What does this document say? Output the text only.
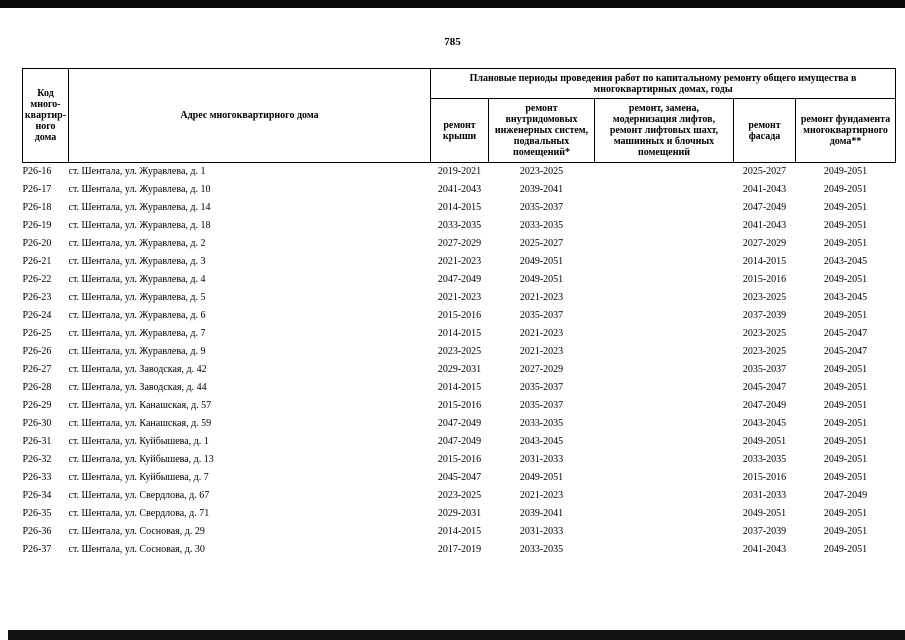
785
Код много-квартир-ного дома	Адрес многоквартирного дома	Плановые периоды проведения работ по капитальному ремонту общего имущества в многоквартирных домах, годы				
		ремонт крыши	ремонт внутридомовых инженерных систем, подвальных помещений*	ремонт, замена, модернизация лифтов, ремонт лифтовых шахт, машинных и блочных помещений	ремонт фасада	ремонт фундамента многоквартирного дома**
Р26-16	ст. Шентала, ул. Журавлева, д. 1	2019-2021	2023-2025		2025-2027	2049-2051
Р26-17	ст. Шентала, ул. Журавлева, д. 10	2041-2043	2039-2041		2041-2043	2049-2051
Р26-18	ст. Шентала, ул. Журавлева, д. 14	2014-2015	2035-2037		2047-2049	2049-2051
Р26-19	ст. Шентала, ул. Журавлева, д. 18	2033-2035	2033-2035		2041-2043	2049-2051
Р26-20	ст. Шентала, ул. Журавлева, д. 2	2027-2029	2025-2027		2027-2029	2049-2051
Р26-21	ст. Шентала, ул. Журавлева, д. 3	2021-2023	2049-2051		2014-2015	2043-2045
Р26-22	ст. Шентала, ул. Журавлева, д. 4	2047-2049	2049-2051		2015-2016	2049-2051
Р26-23	ст. Шентала, ул. Журавлева, д. 5	2021-2023	2021-2023		2023-2025	2043-2045
Р26-24	ст. Шентала, ул. Журавлева, д. 6	2015-2016	2035-2037		2037-2039	2049-2051
Р26-25	ст. Шентала, ул. Журавлева, д. 7	2014-2015	2021-2023		2023-2025	2045-2047
Р26-26	ст. Шентала, ул. Журавлева, д. 9	2023-2025	2021-2023		2023-2025	2045-2047
Р26-27	ст. Шентала, ул. Заводская, д. 42	2029-2031	2027-2029		2035-2037	2049-2051
Р26-28	ст. Шентала, ул. Заводская, д. 44	2014-2015	2035-2037		2045-2047	2049-2051
Р26-29	ст. Шентала, ул. Канашская, д. 57	2015-2016	2035-2037		2047-2049	2049-2051
Р26-30	ст. Шентала, ул. Канашская, д. 59	2047-2049	2033-2035		2043-2045	2049-2051
Р26-31	ст. Шентала, ул. Куйбышева, д. 1	2047-2049	2043-2045		2049-2051	2049-2051
Р26-32	ст. Шентала, ул. Куйбышева, д. 13	2015-2016	2031-2033		2033-2035	2049-2051
Р26-33	ст. Шентала, ул. Куйбышева, д. 7	2045-2047	2049-2051		2015-2016	2049-2051
Р26-34	ст. Шентала, ул. Свердлова, д. 67	2023-2025	2021-2023		2031-2033	2047-2049
Р26-35	ст. Шентала, ул. Свердлова, д. 71	2029-2031	2039-2041		2049-2051	2049-2051
Р26-36	ст. Шентала, ул. Сосновая, д. 29	2014-2015	2031-2033		2037-2039	2049-2051
Р26-37	ст. Шентала, ул. Сосновая, д. 30	2017-2019	2033-2035		2041-2043	2049-2051
